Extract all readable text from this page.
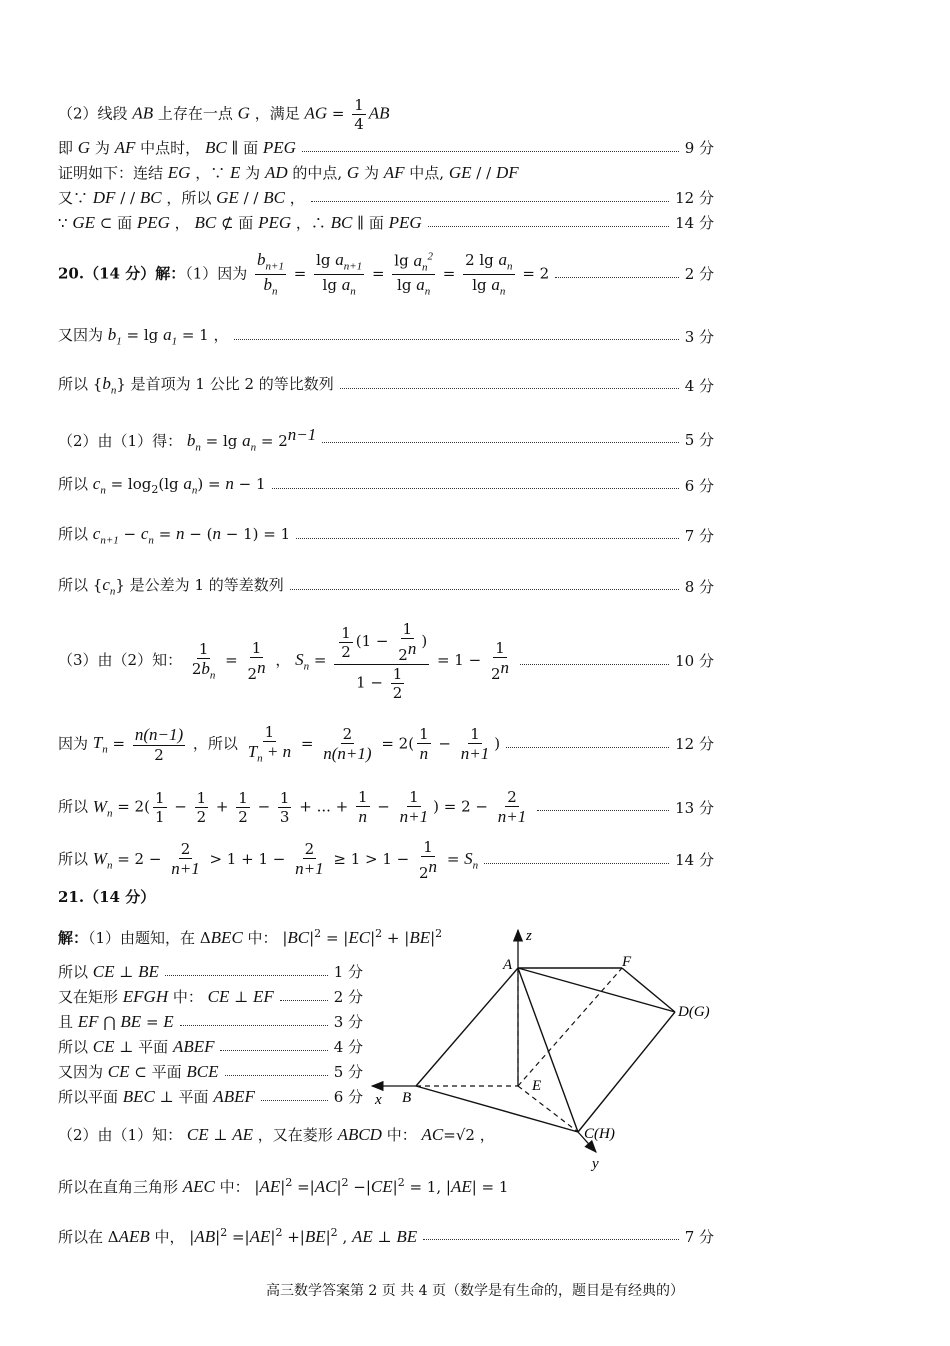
（2）线段 AB 上存在一点 G ，满足 AG = $\frac{1}{4}$ AB
即 G 为 AF 中点时， BC ∥ 面 PEG	9 分
证明如下：连结 EG ，∵ E 为 AD 的中点, G 为 AF 中点, GE / / DF
又∵ DF / / BC ，所以 GE / / BC ，	12 分
∵ GE ⊂ 面 PEG ， BC ⊄ 面 PEG ，∴ BC ∥ 面 PEG	14 分
20.（14 分）解：（1）因为 $\frac{b_{n+1}}{b_n} = \frac{\lg a_{n+1}}{\lg a_n} = \frac{\lg a_n^2}{\lg a_n} = \frac{2 \lg a_n}{\lg a_n} = 2$	2 分
又因为 $b_1 = \lg a_1 = 1$ ，	3 分
所以 $\{b_n\}$ 是首项为 1 公比 2 的等比数列	4 分
（2）由（1）得： $b_n = \lg a_n = 2^{n-1}$	5 分
所以 $c_n = \log_2(\lg$ $a_n) = n - 1$	6 分
所以 $c_{n+1} - c_n = n - (n - 1) = 1$	7 分
所以 $\{c_n\}$ 是公差为 1 的等差数列	8 分
（3）由（2）知： $\frac{1}{2b_n} = \frac{1}{2^n}$ ， $S_n = \frac{\frac{1}{2} (1 - \frac{1}{2^n} )}{1 - \frac{1}{2}} = 1 - \frac{1}{2^n}$	10 分
因为 $T_n = \frac{n(n-1)}{2}$ ，所以 $\frac{1}{T_n + n} = \frac{2}{n(n+1)} = 2( \frac{1}{n} - \frac{1}{n+1}$ )	12 分
所以 $W_n = 2( \frac{1}{1} - \frac{1}{2} + \frac{1}{2} - \frac{1}{3}$ + ... + $\frac{1}{n} - \frac{1}{n+1}$ ) = $2 - \frac{2}{n+1}$	13 分
所以 $W_n = 2 - \frac{2}{n+1} > 1 + 1 - \frac{2}{n+1} \ge 1 > 1 - \frac{1}{2^n} = S_n$	14 分
21.（14 分）
解：（1）由题知，在 ΔBEC 中： $|BC|^2 = |EC|^2 + |BE|^2$
所以 CE ⊥ BE	1 分
又在矩形 EFGH 中： CE ⊥ EF	2 分
且 EF ⋂ BE = E	3 分
所以 CE ⊥ 平面 ABEF	4 分
又因为 CE ⊂ 平面 BCE	5 分
所以平面 BEC ⊥ 平面 ABEF	6 分
（2）由（1）知： CE ⊥ AE ，又在菱形 ABCD 中： AC=√2 ，
所以在直角三角形 AEC 中： $|AE|^2 =|AC|^2 -|CE|^2 = 1$, |AE| = 1
所以在 ΔAEB 中， $|AB|^2 =|AE|^2 +|BE|^2$ , AE ⊥ BE	7 分
z
A	F
D(G)
B
E
C(H)
x
y
高三数学答案第 2 页 共 4 页（数学是有生命的，题目是有经典的）
